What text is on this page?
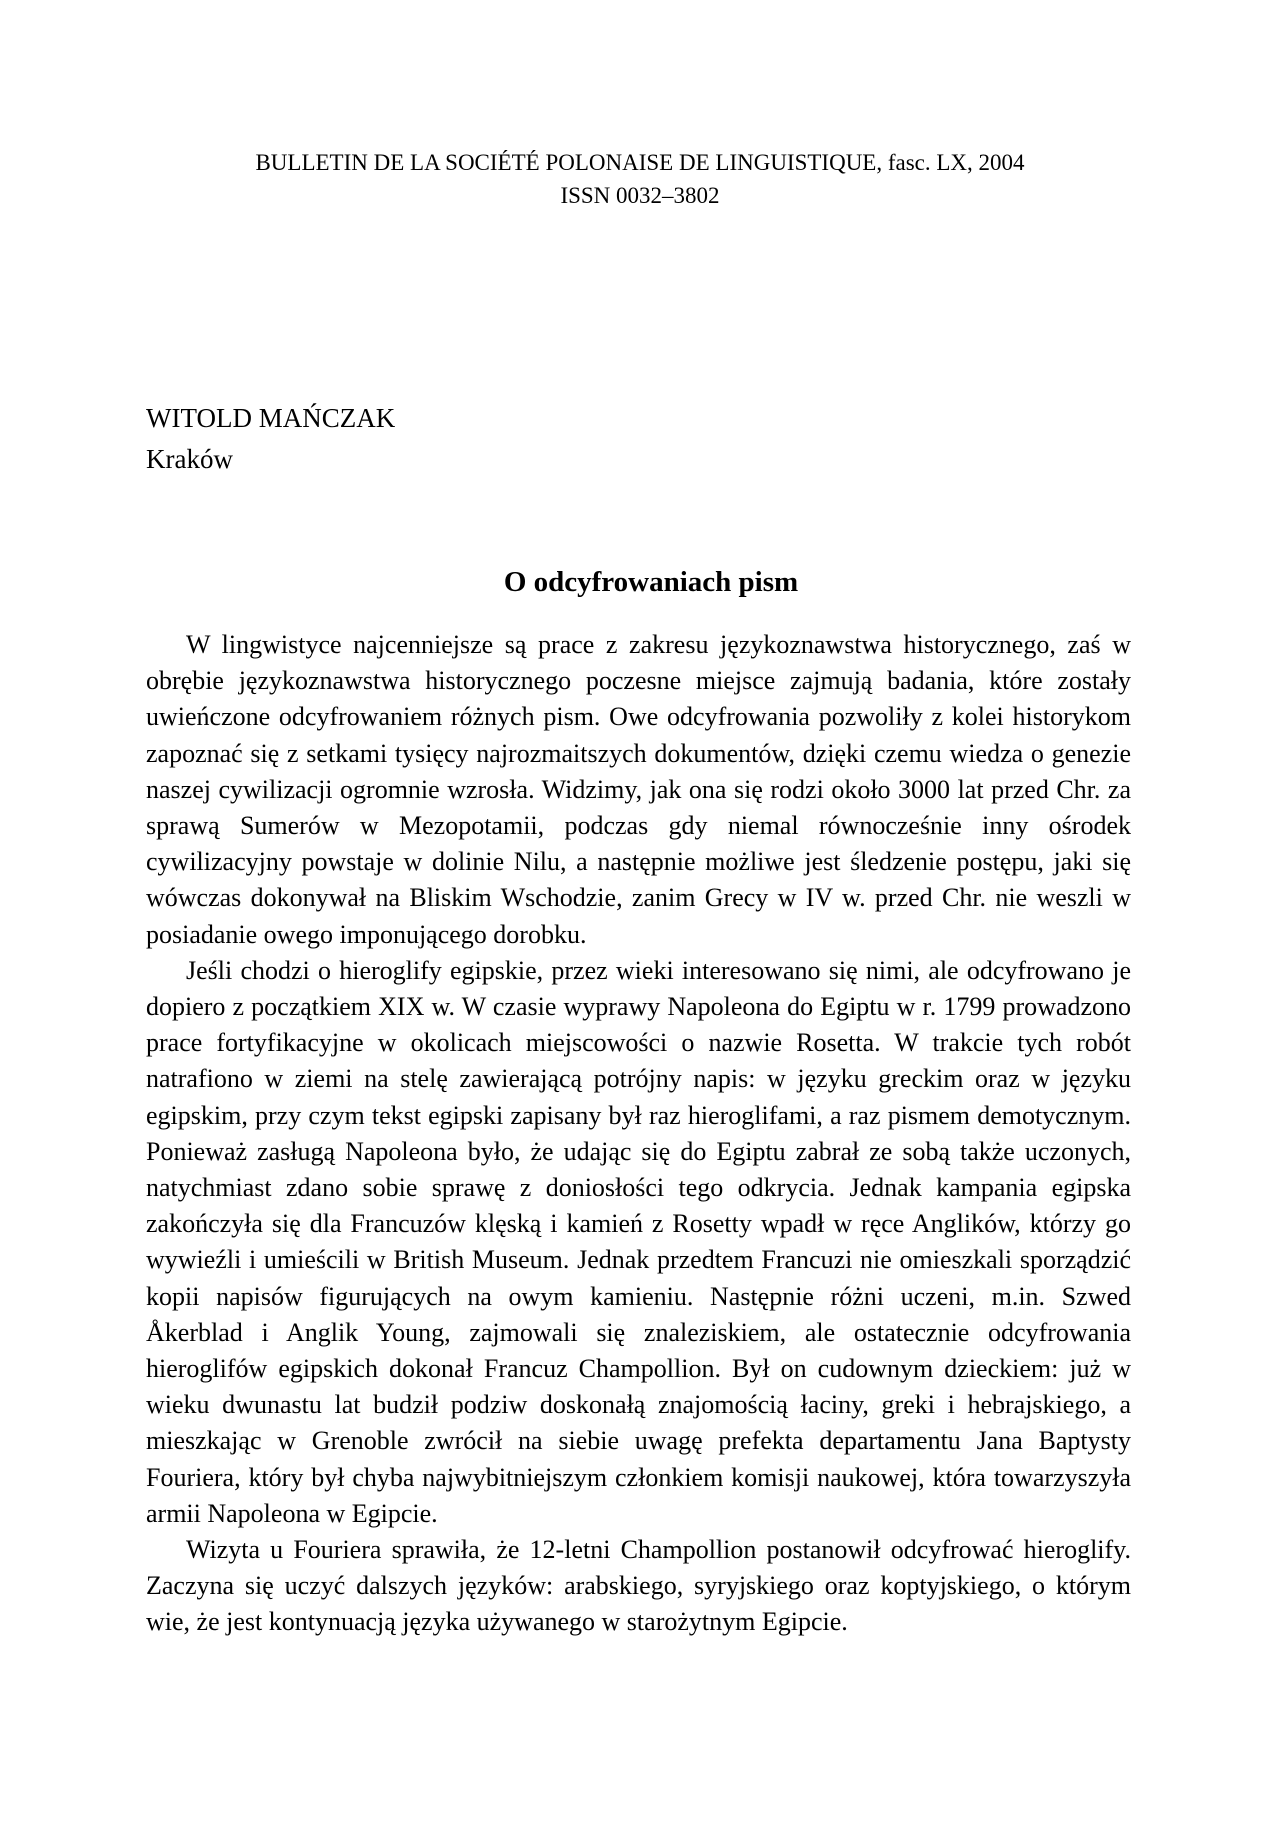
BULLETIN DE LA SOCIÉTÉ POLONAISE DE LINGUISTIQUE, fasc. LX, 2004
ISSN 0032–3802
WITOLD MAŃCZAK
Kraków
O odcyfrowaniach pism

W lingwistyce najcenniejsze są prace z zakresu językoznawstwa historycznego, zaś w obrębie językoznawstwa historycznego poczesne miejsce zajmują badania, które zostały uwieńczone odcyfrowaniem różnych pism. Owe odcyfrowania pozwoliły z kolei historykom zapoznać się z setkami tysięcy najrozmaitszych dokumentów, dzięki czemu wiedza o genezie naszej cywilizacji ogromnie wzrosła. Widzimy, jak ona się rodzi około 3000 lat przed Chr. za sprawą Sumerów w Mezopotamii, podczas gdy niemal równocześnie inny ośrodek cywilizacyjny powstaje w dolinie Nilu, a następnie możliwe jest śledzenie postępu, jaki się wówczas dokonywał na Bliskim Wschodzie, zanim Grecy w IV w. przed Chr. nie weszli w posiadanie owego imponującego dorobku.

Jeśli chodzi o hieroglify egipskie, przez wieki interesowano się nimi, ale odcyfrowano je dopiero z początkiem XIX w. W czasie wyprawy Napoleona do Egiptu w r. 1799 prowadzono prace fortyfikacyjne w okolicach miejscowości o nazwie Rosetta. W trakcie tych robót natrafiono w ziemi na stelę zawierającą potrójny napis: w języku greckim oraz w języku egipskim, przy czym tekst egipski zapisany był raz hieroglifami, a raz pismem demotycznym. Ponieważ zasługą Napoleona było, że udając się do Egiptu zabrał ze sobą także uczonych, natychmiast zdano sobie sprawę z doniosłości tego odkrycia. Jednak kampania egipska zakończyła się dla Francuzów klęską i kamień z Rosetty wpadł w ręce Anglików, którzy go wywieźli i umieścili w British Museum. Jednak przedtem Francuzi nie omieszkali sporządzić kopii napisów figurujących na owym kamieniu. Następnie różni uczeni, m.in. Szwed Åkerblad i Anglik Young, zajmowali się znaleziskiem, ale ostatecznie odcyfrowania hieroglifów egipskich dokonał Francuz Champollion. Był on cudownym dzieckiem: już w wieku dwunastu lat budził podziw doskonałą znajomością łaciny, greki i hebrajskiego, a mieszkając w Grenoble zwrócił na siebie uwagę prefekta departamentu Jana Baptysty Fouriera, który był chyba najwybitniejszym członkiem komisji naukowej, która towarzyszyła armii Napoleona w Egipcie.

Wizyta u Fouriera sprawiła, że 12-letni Champollion postanowił odcyfrować hieroglify. Zaczyna się uczyć dalszych języków: arabskiego, syryjskiego oraz koptyjskiego, o którym wie, że jest kontynuacją języka używanego w starożytnym Egipcie.
